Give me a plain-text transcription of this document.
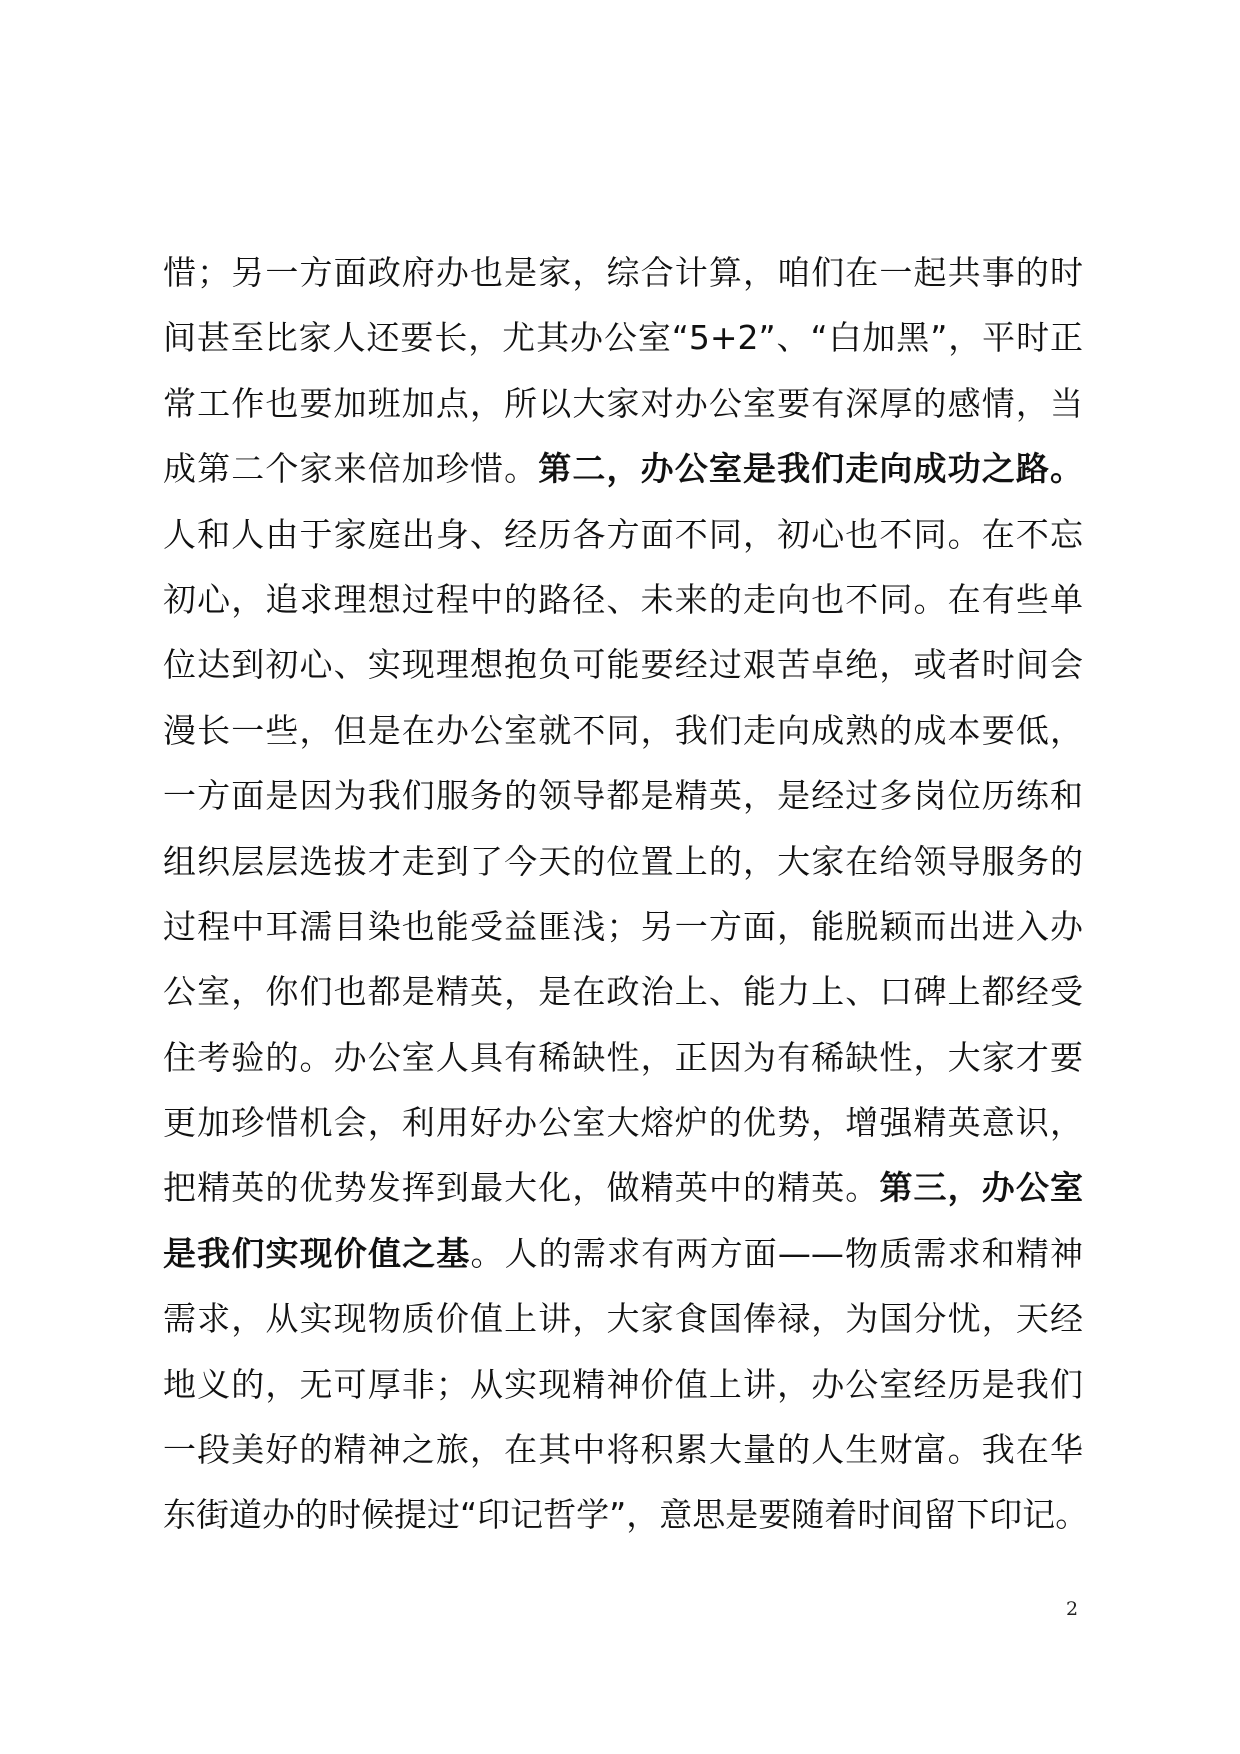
惜；另一方面政府办也是家，综合计算，咱们在一起共事的时
间甚至比家人还要长，尤其办公室“5+2”、“白加黑”，平时正
常工作也要加班加点，所以大家对办公室要有深厚的感情，当
成第二个家来倍加珍惜。第二，办公室是我们走向成功之路。
人和人由于家庭出身、经历各方面不同，初心也不同。在不忘
初心，追求理想过程中的路径、未来的走向也不同。在有些单
位达到初心、实现理想抱负可能要经过艰苦卓绝，或者时间会
漫长一些，但是在办公室就不同，我们走向成熟的成本要低，
一方面是因为我们服务的领导都是精英，是经过多岗位历练和
组织层层选拔才走到了今天的位置上的，大家在给领导服务的
过程中耳濡目染也能受益匪浅；另一方面，能脱颖而出进入办
公室，你们也都是精英，是在政治上、能力上、口碑上都经受
住考验的。办公室人具有稀缺性，正因为有稀缺性，大家才要
更加珍惜机会，利用好办公室大熔炉的优势，增强精英意识，
把精英的优势发挥到最大化，做精英中的精英。第三，办公室
是我们实现价值之基。人的需求有两方面——物质需求和精神
需求，从实现物质价值上讲，大家食国俸禄，为国分忧，天经
地义的，无可厚非；从实现精神价值上讲，办公室经历是我们
一段美好的精神之旅，在其中将积累大量的人生财富。我在华
东街道办的时候提过“印记哲学”，意思是要随着时间留下印记。
2
